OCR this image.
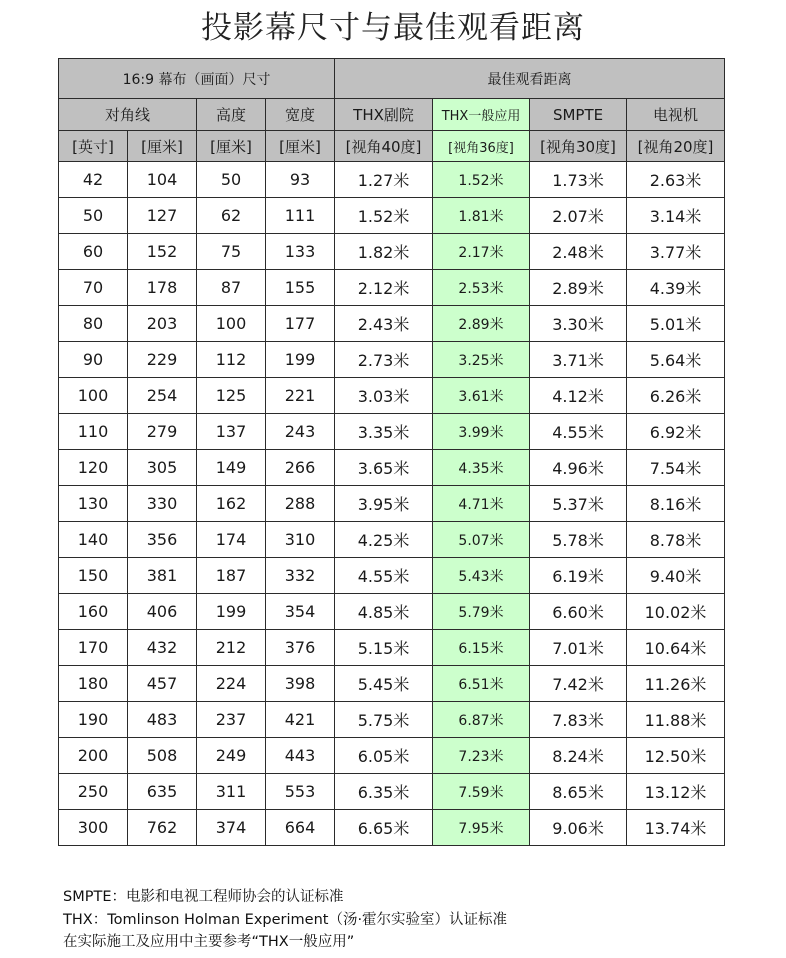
投影幕尺寸与最佳观看距离
16:9 幕布（画面）尺寸				最佳观看距离			
对角线		高度	宽度	THX剧院	THX一般应用	SMPTE	电视机
[英寸]	[厘米]	[厘米]	[厘米]	[视角40度]	[视角36度]	[视角30度]	[视角20度]
42	104	50	93	1.27米	1.52米	1.73米	2.63米
50	127	62	111	1.52米	1.81米	2.07米	3.14米
60	152	75	133	1.82米	2.17米	2.48米	3.77米
70	178	87	155	2.12米	2.53米	2.89米	4.39米
80	203	100	177	2.43米	2.89米	3.30米	5.01米
90	229	112	199	2.73米	3.25米	3.71米	5.64米
100	254	125	221	3.03米	3.61米	4.12米	6.26米
110	279	137	243	3.35米	3.99米	4.55米	6.92米
120	305	149	266	3.65米	4.35米	4.96米	7.54米
130	330	162	288	3.95米	4.71米	5.37米	8.16米
140	356	174	310	4.25米	5.07米	5.78米	8.78米
150	381	187	332	4.55米	5.43米	6.19米	9.40米
160	406	199	354	4.85米	5.79米	6.60米	10.02米
170	432	212	376	5.15米	6.15米	7.01米	10.64米
180	457	224	398	5.45米	6.51米	7.42米	11.26米
190	483	237	421	5.75米	6.87米	7.83米	11.88米
200	508	249	443	6.05米	7.23米	8.24米	12.50米
250	635	311	553	6.35米	7.59米	8.65米	13.12米
300	762	374	664	6.65米	7.95米	9.06米	13.74米
SMPTE：电影和电视工程师协会的认证标准
THX：Tomlinson Holman Experiment（汤·霍尔实验室）认证标准
在实际施工及应用中主要参考“THX一般应用”
